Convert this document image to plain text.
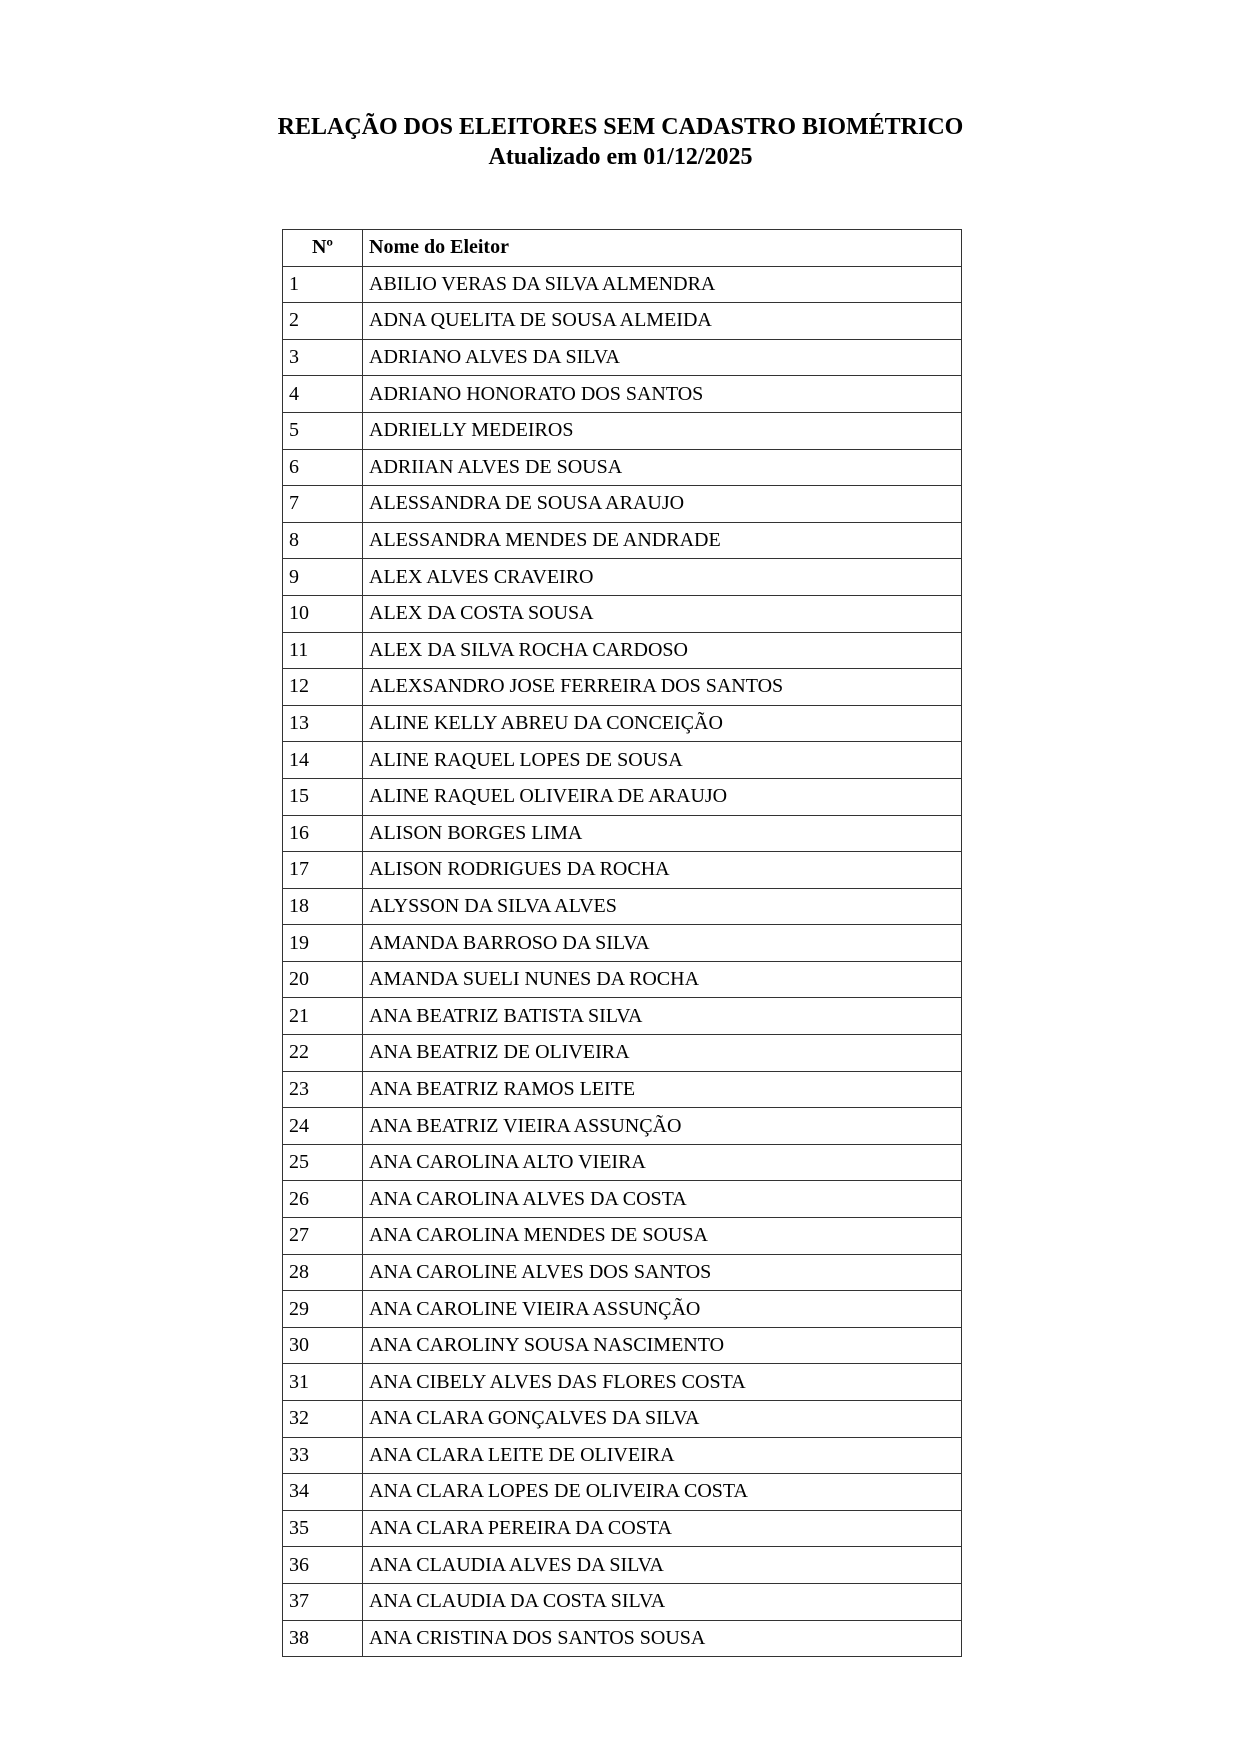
RELAÇÃO DOS ELEITORES SEM CADASTRO BIOMÉTRICO
Atualizado em 01/12/2025
Nº	Nome do Eleitor
1	ABILIO VERAS DA SILVA ALMENDRA
2	ADNA QUELITA DE SOUSA ALMEIDA
3	ADRIANO ALVES DA SILVA
4	ADRIANO HONORATO DOS SANTOS
5	ADRIELLY MEDEIROS
6	ADRIIAN ALVES DE SOUSA
7	ALESSANDRA DE SOUSA ARAUJO
8	ALESSANDRA MENDES DE ANDRADE
9	ALEX ALVES CRAVEIRO
10	ALEX DA COSTA SOUSA
11	ALEX DA SILVA ROCHA CARDOSO
12	ALEXSANDRO JOSE FERREIRA DOS SANTOS
13	ALINE KELLY ABREU DA CONCEIÇÃO
14	ALINE RAQUEL LOPES DE SOUSA
15	ALINE RAQUEL OLIVEIRA DE ARAUJO
16	ALISON BORGES LIMA
17	ALISON RODRIGUES DA ROCHA
18	ALYSSON DA SILVA ALVES
19	AMANDA BARROSO DA SILVA
20	AMANDA SUELI NUNES DA ROCHA
21	ANA BEATRIZ BATISTA SILVA
22	ANA BEATRIZ DE OLIVEIRA
23	ANA BEATRIZ RAMOS LEITE
24	ANA BEATRIZ VIEIRA ASSUNÇÃO
25	ANA CAROLINA ALTO VIEIRA
26	ANA CAROLINA ALVES DA COSTA
27	ANA CAROLINA MENDES DE SOUSA
28	ANA CAROLINE ALVES DOS SANTOS
29	ANA CAROLINE VIEIRA ASSUNÇÃO
30	ANA CAROLINY SOUSA NASCIMENTO
31	ANA CIBELY ALVES DAS FLORES COSTA
32	ANA CLARA GONÇALVES DA SILVA
33	ANA CLARA LEITE DE OLIVEIRA
34	ANA CLARA LOPES DE OLIVEIRA COSTA
35	ANA CLARA PEREIRA DA COSTA
36	ANA CLAUDIA ALVES DA SILVA
37	ANA CLAUDIA DA COSTA SILVA
38	ANA CRISTINA DOS SANTOS SOUSA
